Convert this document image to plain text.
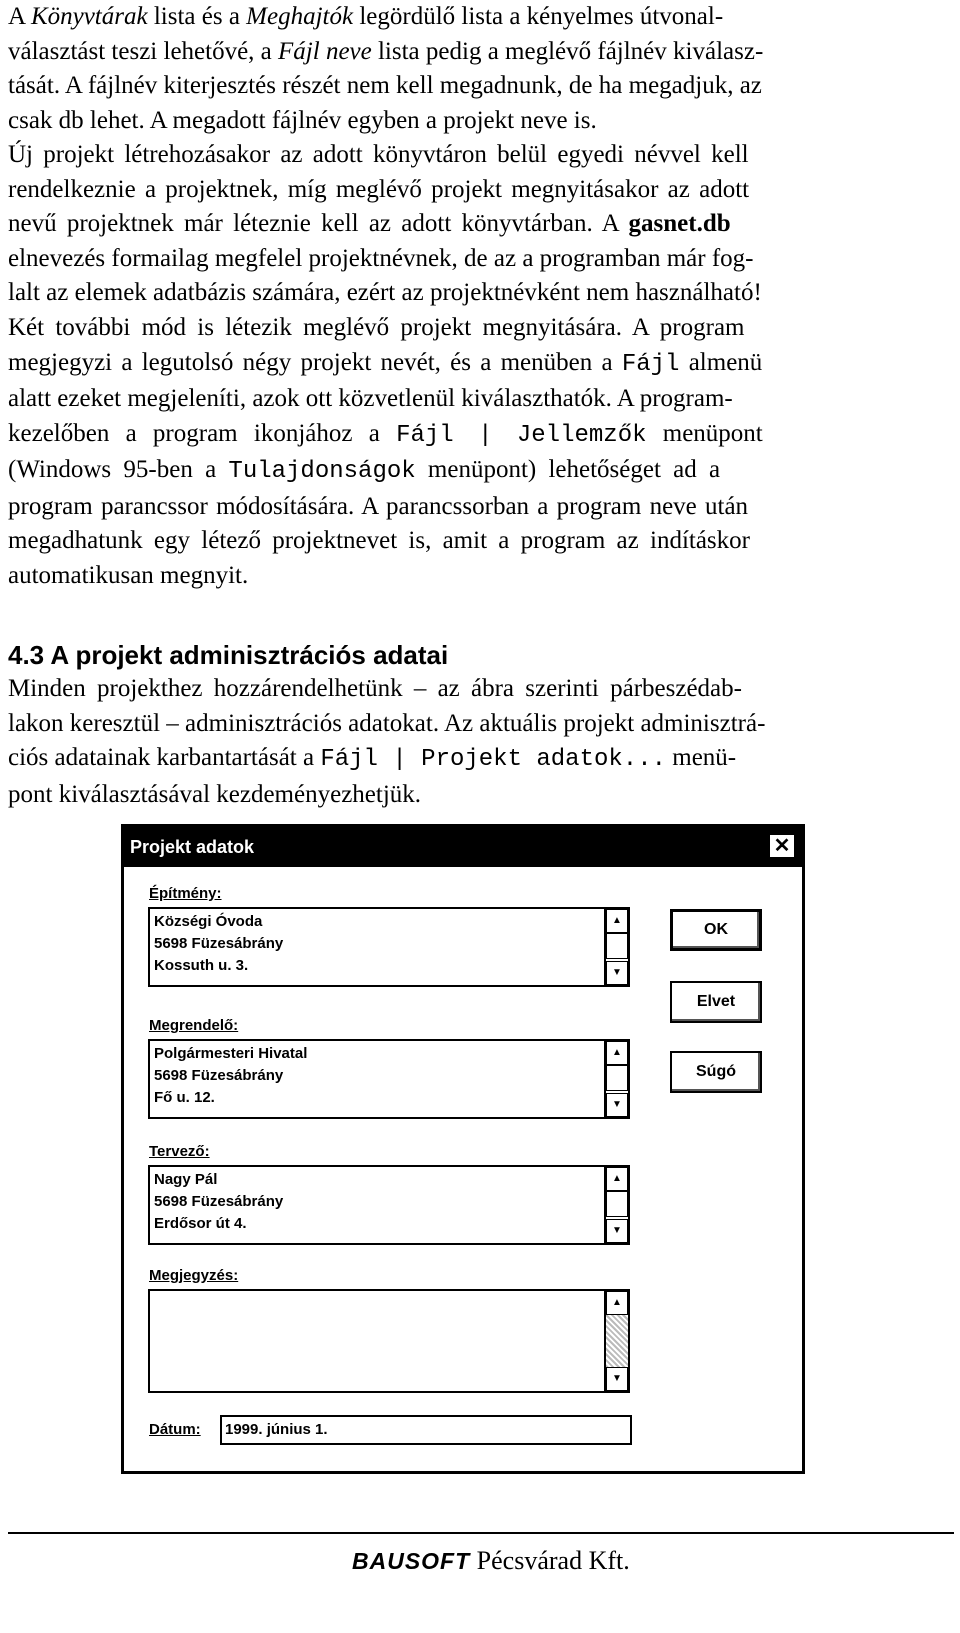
A Könyvtárak lista és a Meghajtók legördülő lista a kényelmes útvonal-
választást teszi lehetővé, a Fájl neve lista pedig a meglévő fájlnév kiválasz-
tását. A fájlnév kiterjesztés részét nem kell megadnunk, de ha megadjuk, az
csak db lehet. A megadott fájlnév egyben a projekt neve is.
Új projekt létrehozásakor az adott könyvtáron belül egyedi névvel kell
rendelkeznie a projektnek, míg meglévő projekt megnyitásakor az adott
nevű projektnek már léteznie kell az adott könyvtárban. A gasnet.db
elnevezés formailag megfelel projektnévnek, de az a programban már fog-
lalt az elemek adatbázis számára, ezért az projektnévként nem használható!
Két további mód is létezik meglévő projekt megnyitására. A program
megjegyzi a legutolsó négy projekt nevét, és a menüben a Fájl almenü
alatt ezeket megjeleníti, azok ott közvetlenül kiválaszthatók. A program-
kezelőben a program ikonjához a Fájl | Jellemzők menüpont
(Windows 95-ben a Tulajdonságok menüpont) lehetőséget ad a
program parancssor módosítására. A parancssorban a program neve után
megadhatunk egy létező projektnevet is, amit a program az indításkor
automatikusan megnyit.
4.3 A projekt adminisztrációs adatai
Minden projekthez hozzárendelhetünk – az ábra szerinti párbeszédab-
lakon keresztül – adminisztrációs adatokat. Az aktuális projekt adminisztrá-
ciós adatainak karbantartását a Fájl | Projekt adatok... menü-
pont kiválasztásával kezdeményezhetjük.
Projekt adatok	✕
Építmény:
Községi Óvoda
5698 Füzesábrány
Kossuth u. 3.
▲
▼
Megrendelő:
Polgármesteri Hivatal
5698 Füzesábrány
Fő u. 12.
▲
▼
Tervező:
Nagy Pál
5698 Füzesábrány
Erdősor út 4.
▲
▼
Megjegyzés:
▲
▼
Dátum:	1999. június 1.
OK
Elvet
Súgó
BAUSOFT Pécsvárad Kft.
